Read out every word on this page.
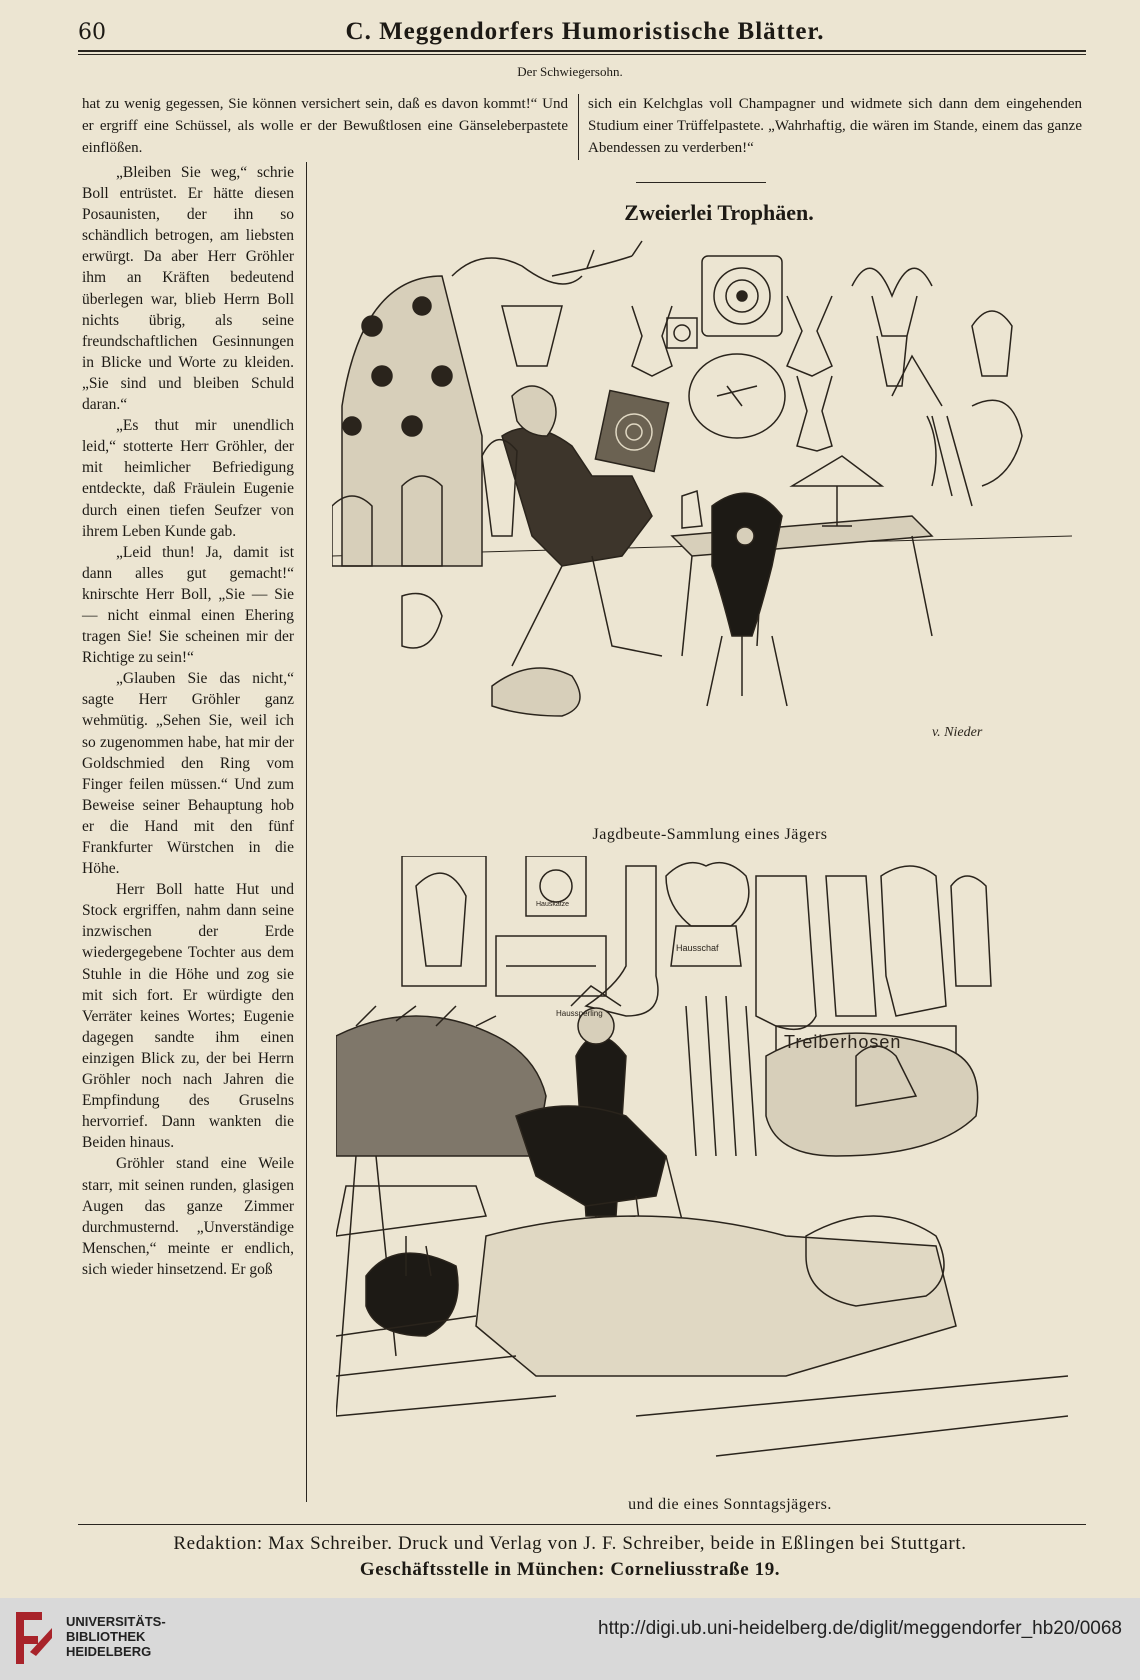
60	C. Meggendorfers Humoristische Blätter.
Der Schwiegersohn.
hat zu wenig gegessen, Sie können versichert sein, daß es davon kommt!“ Und er ergriff eine Schüssel, als wolle er der Bewußtlosen eine Gänseleberpastete einflößen.
sich ein Kelchglas voll Champagner und widmete sich dann dem eingehenden Studium einer Trüffelpastete. „Wahrhaftig, die wären im Stande, einem das ganze Abendessen zu verderben!“

„Bleiben Sie weg,“ schrie Boll entrüstet. Er hätte diesen Posaunisten, der ihn so schändlich betrogen, am liebsten erwürgt. Da aber Herr Gröhler ihm an Kräften bedeutend überlegen war, blieb Herrn Boll nichts übrig, als seine freundschaftlichen Gesinnungen in Blicke und Worte zu kleiden. „Sie sind und bleiben Schuld daran.“

„Es thut mir unendlich leid,“ stotterte Herr Gröhler, der mit heimlicher Befriedigung entdeckte, daß Fräulein Eugenie durch einen tiefen Seufzer von ihrem Leben Kunde gab.

„Leid thun! Ja, damit ist dann alles gut gemacht!“ knirschte Herr Boll, „Sie — Sie — nicht einmal einen Ehering tragen Sie! Sie scheinen mir der Richtige zu sein!“

„Glauben Sie das nicht,“ sagte Herr Gröhler ganz wehmütig. „Sehen Sie, weil ich so zugenommen habe, hat mir der Goldschmied den Ring vom Finger feilen müssen.“ Und zum Beweise seiner Behauptung hob er die Hand mit den fünf Frankfurter Würstchen in die Höhe.

Herr Boll hatte Hut und Stock ergriffen, nahm dann seine inzwischen der Erde wiedergegebene Tochter aus dem Stuhle in die Höhe und zog sie mit sich fort. Er würdigte den Verräter keines Wortes; Eugenie dagegen sandte ihm einen einzigen Blick zu, der bei Herrn Gröhler noch nach Jahren die Empfindung des Gruselns hervorrief. Dann wankten die Beiden hinaus.

Gröhler stand eine Weile starr, mit seinen runden, glasigen Augen das ganze Zimmer durchmusternd. „Unverständige Menschen,“ meinte er endlich, sich wieder hinsetzend. Er goß

Zweierlei Trophäen.
v. Nieder
Jagdbeute-Sammlung eines Jägers
Haussperling
Hausschaf
Hauskatze
Treiberhosen
und die eines Sonntagsjägers.
Redaktion: Max Schreiber. Druck und Verlag von J. F. Schreiber, beide in Eßlingen bei Stuttgart.
Geschäftsstelle in München: Corneliusstraße 19.
UNIVERSITÄTS-
BIBLIOTHEK
HEIDELBERG
http://digi.ub.uni-heidelberg.de/diglit/meggendorfer_hb20/0068
